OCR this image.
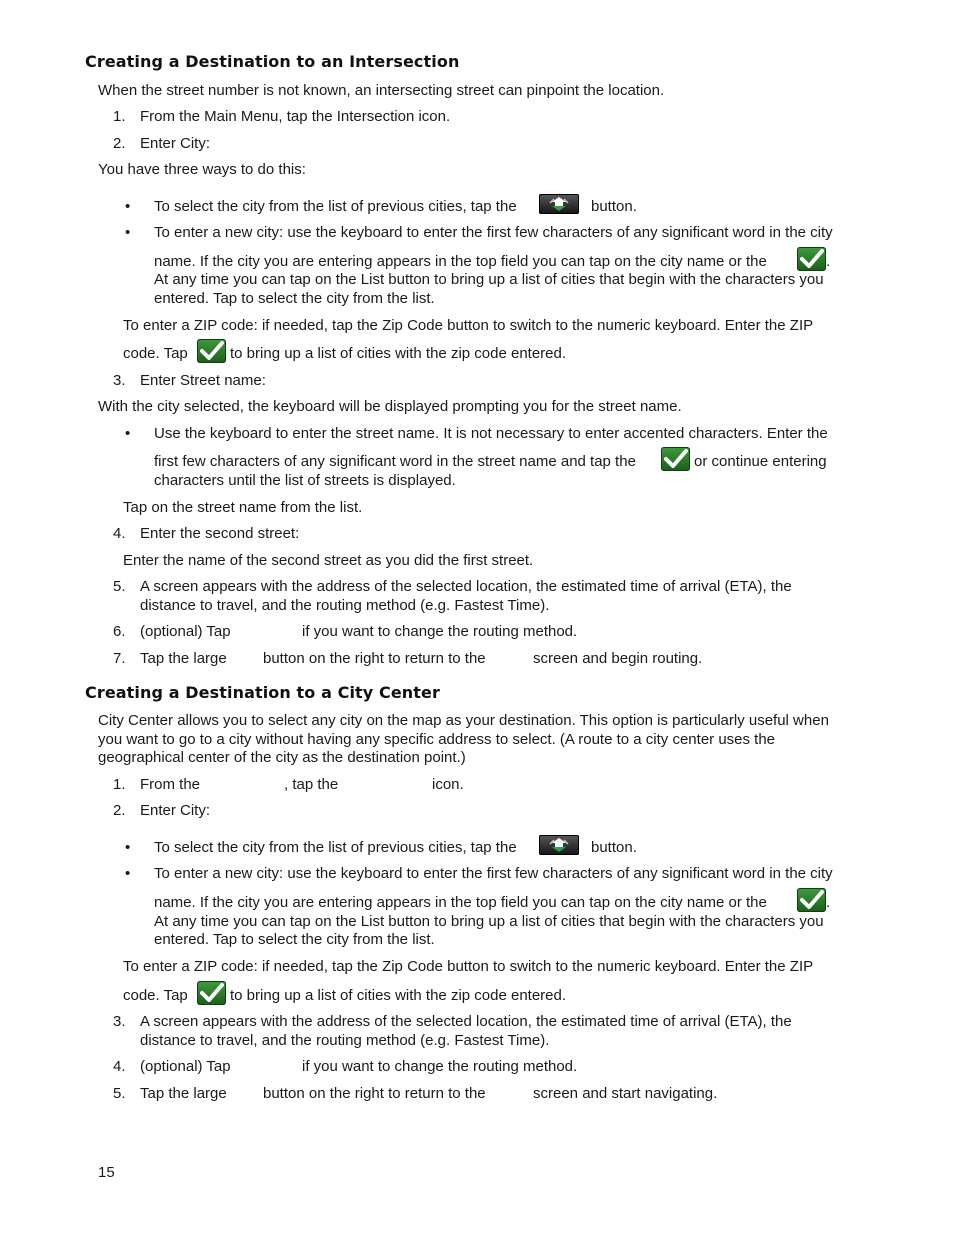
Creating a Destination to an Intersection
When the street number is not known, an intersecting street can pinpoint the location.
1. From the Main Menu, tap the Intersection icon.
2. Enter City:
You have three ways to do this:
• To select the city from the list of previous cities, tap the	button.
• To enter a new city: use the keyboard to enter the first few characters of any significant word in the city
name. If the city you are entering appears in the top field you can tap on the city name or the	.
At any time you can tap on the List button to bring up a list of cities that begin with the characters you
entered. Tap to select the city from the list.
To enter a ZIP code: if needed, tap the Zip Code button to switch to the numeric keyboard. Enter the ZIP
code. Tap	to bring up a list of cities with the zip code entered.
3. Enter Street name:
With the city selected, the keyboard will be displayed prompting you for the street name.
• Use the keyboard to enter the street name. It is not necessary to enter accented characters. Enter the
first few characters of any significant word in the street name and tap the	or continue entering
characters until the list of streets is displayed.
Tap on the street name from the list.
4. Enter the second street:
Enter the name of the second street as you did the first street.
5. A screen appears with the address of the selected location, the estimated time of arrival (ETA), the
distance to travel, and the routing method (e.g. Fastest Time).
6. (optional) Tap	if you want to change the routing method.
7. Tap the large button on the right to return to the	screen and begin routing.
Creating a Destination to a City Center
City Center allows you to select any city on the map as your destination. This option is particularly useful when
you want to go to a city without having any specific address to select. (A route to a city center uses the
geographical center of the city as the destination point.)
1. From the	, tap the	icon.
2. Enter City:
• To select the city from the list of previous cities, tap the	button.
• To enter a new city: use the keyboard to enter the first few characters of any significant word in the city
name. If the city you are entering appears in the top field you can tap on the city name or the	.
At any time you can tap on the List button to bring up a list of cities that begin with the characters you
entered. Tap to select the city from the list.
To enter a ZIP code: if needed, tap the Zip Code button to switch to the numeric keyboard. Enter the ZIP
code. Tap	to bring up a list of cities with the zip code entered.
3. A screen appears with the address of the selected location, the estimated time of arrival (ETA), the
distance to travel, and the routing method (e.g. Fastest Time).
4. (optional) Tap	if you want to change the routing method.
5. Tap the large button on the right to return to the	screen and start navigating.
15
